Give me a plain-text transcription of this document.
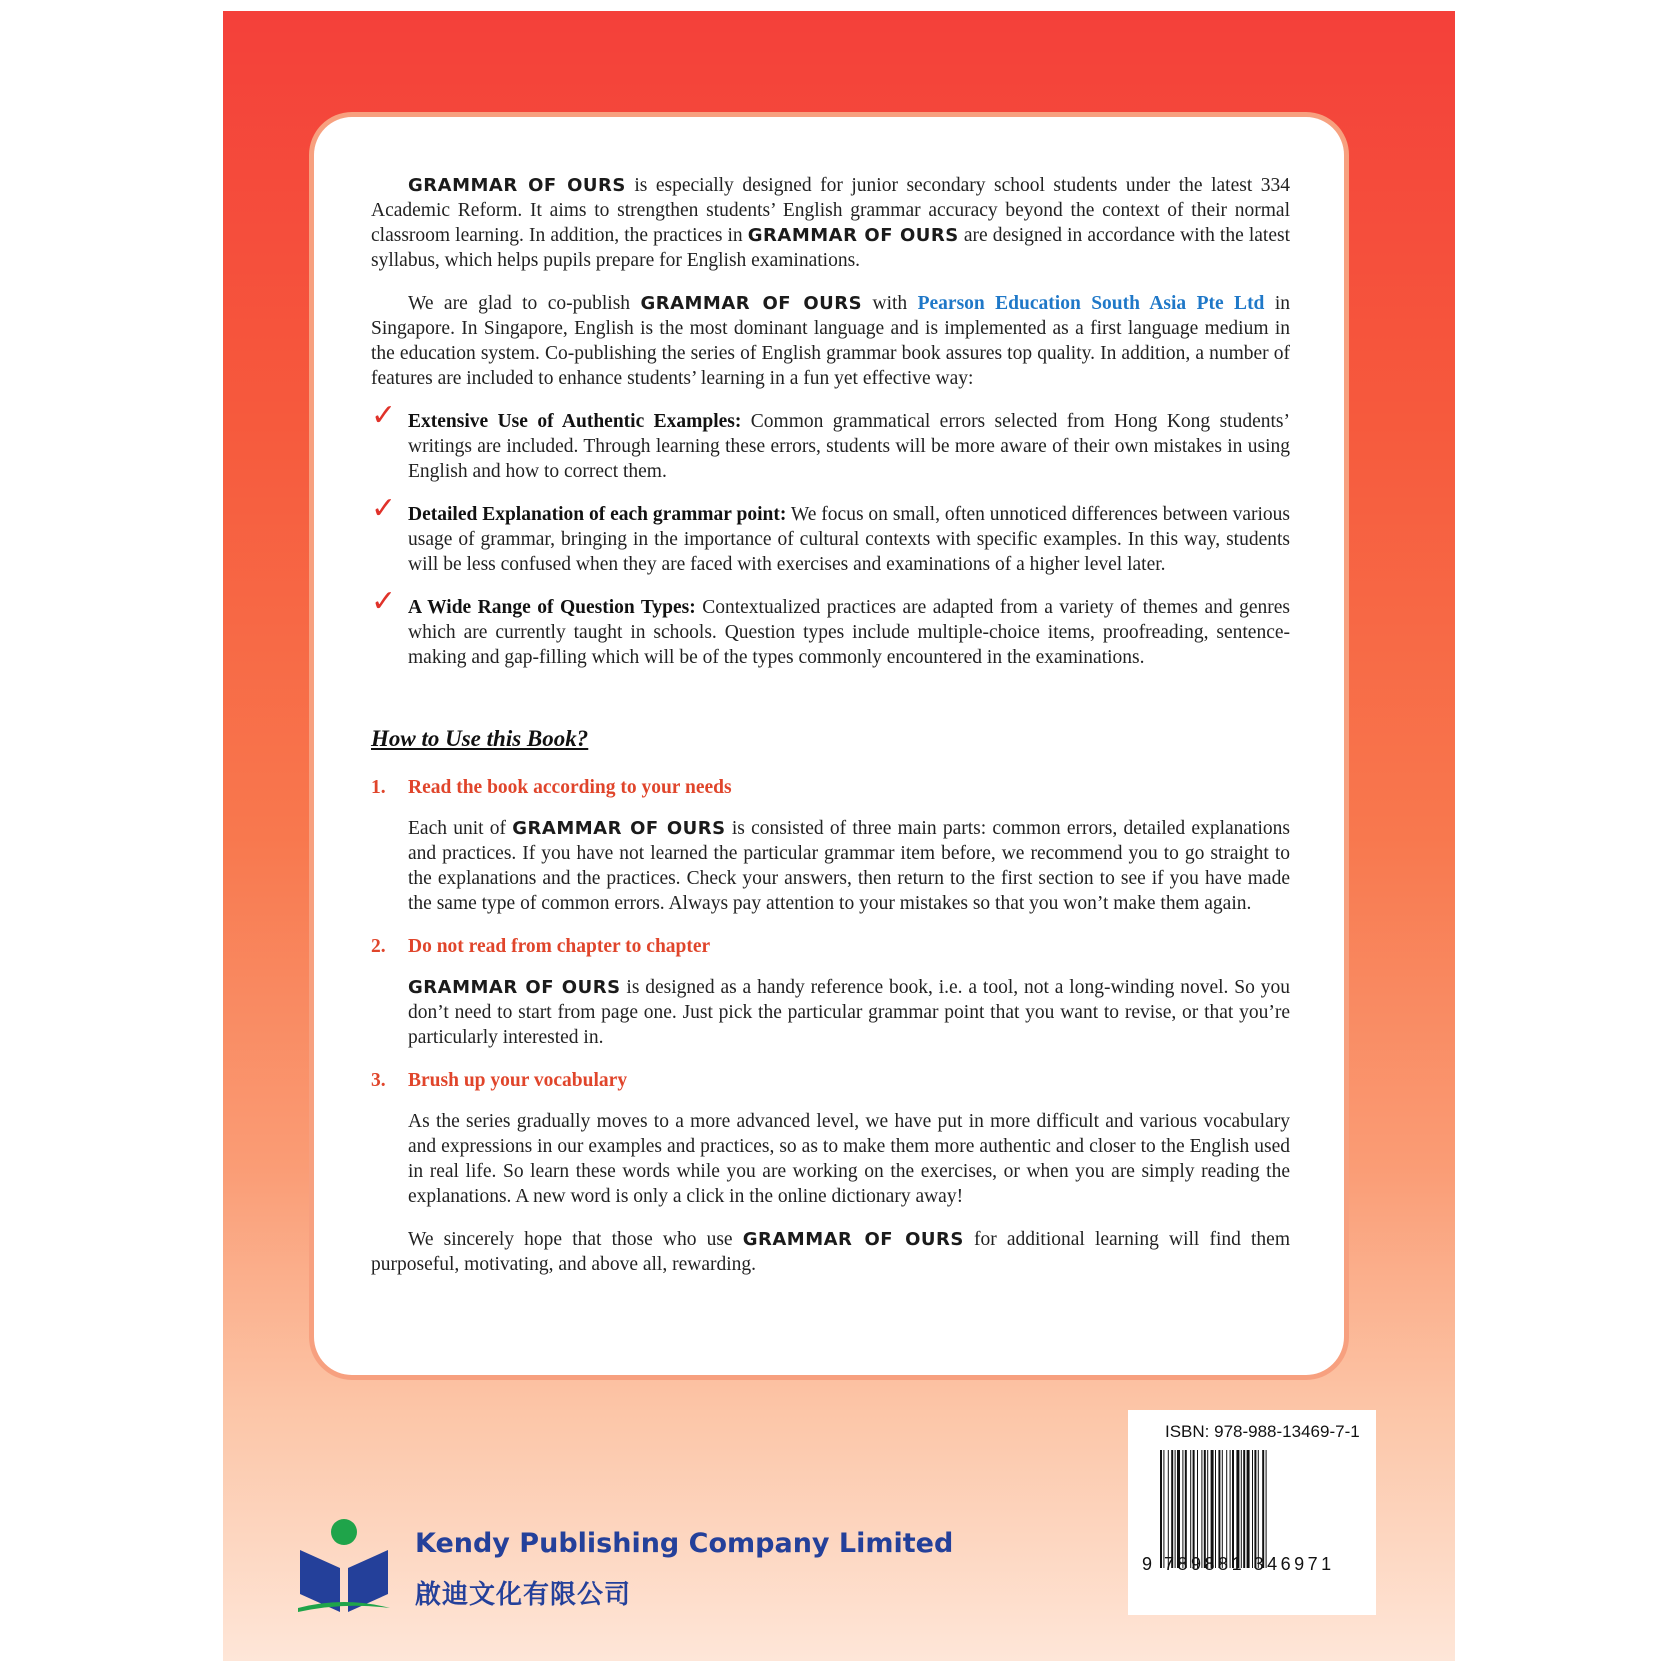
GRAMMAR OF OURS is especially designed for junior secondary school students under the latest 334 Academic Reform. It aims to strengthen students’ English grammar accuracy beyond the context of their normal classroom learning. In addition, the practices in GRAMMAR OF OURS are designed in accordance with the latest syllabus, which helps pupils prepare for English examinations.

We are glad to co-publish GRAMMAR OF OURS with Pearson Education South Asia Pte Ltd in Singapore. In Singapore, English is the most dominant language and is implemented as a first language medium in the education system. Co-publishing the series of English grammar book assures top quality. In addition, a number of features are included to enhance students’ learning in a fun yet effective way:

✓ Extensive Use of Authentic Examples: Common grammatical errors selected from Hong Kong students’ writings are included. Through learning these errors, students will be more aware of their own mistakes in using English and how to correct them.
✓ Detailed Explanation of each grammar point: We focus on small, often unnoticed differences between various usage of grammar, bringing in the importance of cultural contexts with specific examples. In this way, students will be less confused when they are faced with exercises and examinations of a higher level later.
✓ A Wide Range of Question Types: Contextualized practices are adapted from a variety of themes and genres which are currently taught in schools. Question types include multiple-choice items, proofreading, sentence-making and gap-filling which will be of the types commonly encountered in the examinations.
How to Use this Book?
1. Read the book according to your needs

Each unit of GRAMMAR OF OURS is consisted of three main parts: common errors, detailed explanations and practices. If you have not learned the particular grammar item before, we recommend you to go straight to the explanations and the practices. Check your answers, then return to the first section to see if you have made the same type of common errors. Always pay attention to your mistakes so that you won’t make them again.

2. Do not read from chapter to chapter

GRAMMAR OF OURS is designed as a handy reference book, i.e. a tool, not a long-winding novel. So you don’t need to start from page one. Just pick the particular grammar point that you want to revise, or that you’re particularly interested in.

3. Brush up your vocabulary

As the series gradually moves to a more advanced level, we have put in more difficult and various vocabulary and expressions in our examples and practices, so as to make them more authentic and closer to the English used in real life. So learn these words while you are working on the exercises, or when you are simply reading the explanations. A new word is only a click in the online dictionary away!

We sincerely hope that those who use GRAMMAR OF OURS for additional learning will find them purposeful, motivating, and above all, rewarding.

Kendy Publishing Company Limited
啟迪文化有限公司
ISBN: 978-988-13469-7-1
9 789881 346971
